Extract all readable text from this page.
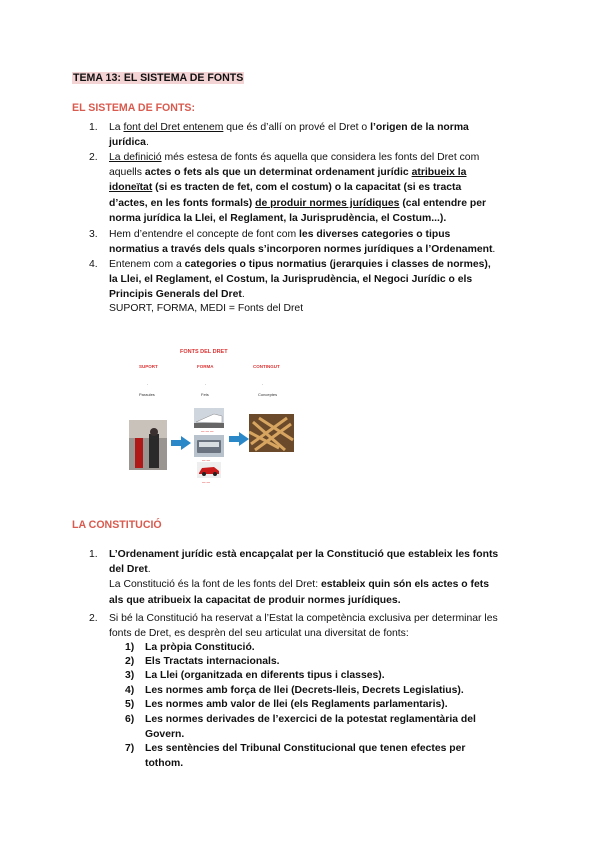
TEMA 13: EL SISTEMA DE FONTS
EL SISTEMA DE FONTS:
1. La font del Dret entenem que és d’allí on prové el Dret o l’origen de la norma
jurídica.
2. La definició més estesa de fonts és aquella que considera les fonts del Dret com
aquells actes o fets als que un determinat ordenament jurídic atribueix la
idoneïtat (si es tracten de fet, com el costum) o la capacitat (si es tracta
d’actes, en les fonts formals) de produir normes jurídiques (cal entendre per
norma jurídica la Llei, el Reglament, la Jurisprudència, el Costum...).
3. Hem d’entendre el concepte de font com les diverses categories o tipus
normatius a través dels quals s’incorporen normes jurídiques a l’Ordenament.
4. Entenem com a categories o tipus normatius (jerarquies i classes de normes),
la Llei, el Reglament, el Costum, la Jurisprudència, el Negoci Jurídic o els
Principis Generals del Dret.
SUPORT, FORMA, MEDI = Fonts del Dret
FONTS DEL DRET
SUPORT	FORMA	CONTINGUT
·	·	·
Paraules	Fets	Conceptes
— — —
— —
— —
LA CONSTITUCIÓ
1. L’Ordenament jurídic està encapçalat per la Constitució que estableix les fonts
del Dret.
La Constitució és la font de les fonts del Dret: estableix quin són els actes o fets
als que atribueix la capacitat de produir normes jurídiques.
2. Si bé la Constitució ha reservat a l’Estat la competència exclusiva per determinar les
fonts de Dret, es desprèn del seu articulat una diversitat de fonts:
1) La pròpia Constitució.
2) Els Tractats internacionals.
3) La Llei (organitzada en diferents tipus i classes).
4) Les normes amb força de llei (Decrets-lleis, Decrets Legislatius).
5) Les normes amb valor de llei (els Reglaments parlamentaris).
6) Les normes derivades de l’exercici de la potestat reglamentària del Govern.
7) Les sentències del Tribunal Constitucional que tenen efectes per tothom.
